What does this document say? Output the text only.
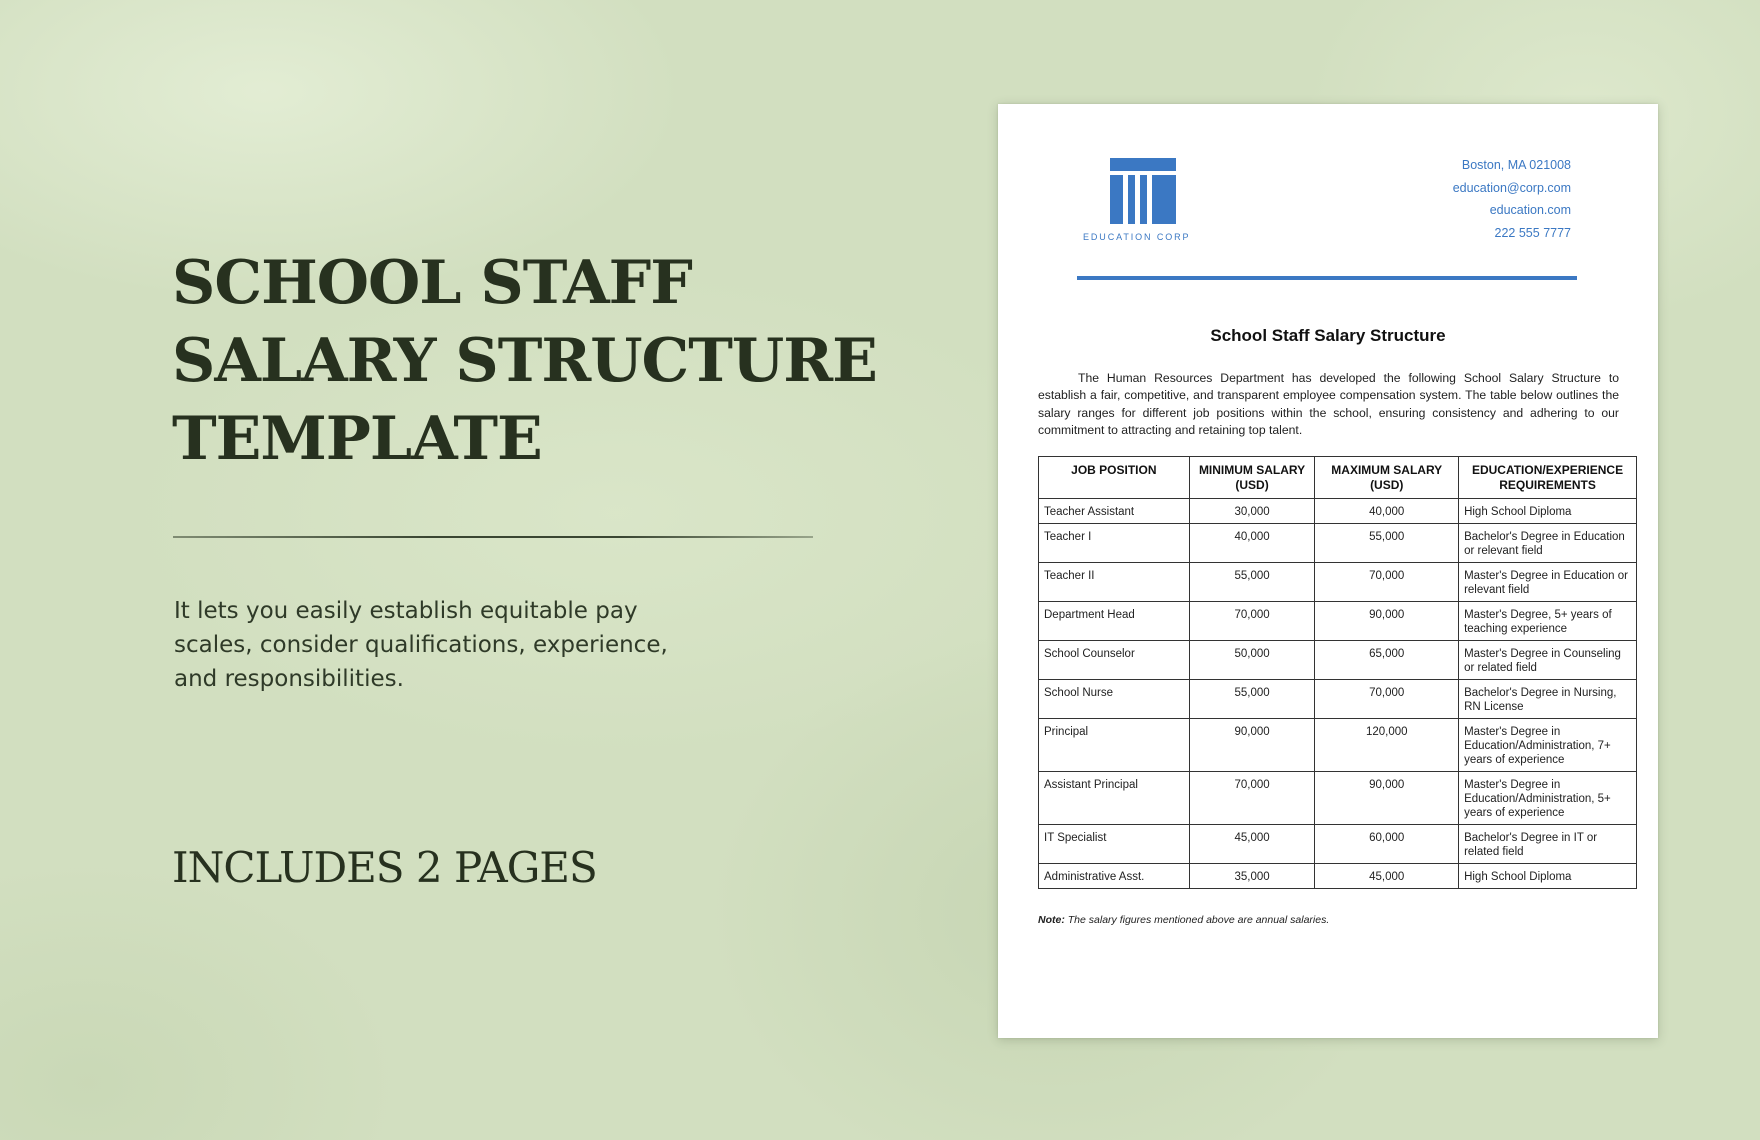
SCHOOL STAFF
SALARY STRUCTURE
TEMPLATE

It lets you easily establish equitable pay scales, consider qualifications, experience, and responsibilities.

INCLUDES 2 PAGES
EDUCATION CORP
Boston, MA 021008
education@corp.com
education.com
222 555 7777
School Staff Salary Structure

The Human Resources Department has developed the following School Salary Structure to establish a fair, competitive, and transparent employee compensation system. The table below outlines the salary ranges for different job positions within the school, ensuring consistency and adhering to our commitment to attracting and retaining top talent.

JOB POSITION	MINIMUM SALARY (USD)	MAXIMUM SALARY (USD)	EDUCATION/EXPERIENCE REQUIREMENTS
Teacher Assistant	30,000	40,000	High School Diploma
Teacher I	40,000	55,000	Bachelor's Degree in Education or relevant field
Teacher II	55,000	70,000	Master's Degree in Education or relevant field
Department Head	70,000	90,000	Master's Degree, 5+ years of teaching experience
School Counselor	50,000	65,000	Master's Degree in Counseling or related field
School Nurse	55,000	70,000	Bachelor's Degree in Nursing, RN License
Principal	90,000	120,000	Master's Degree in Education/Administration, 7+ years of experience
Assistant Principal	70,000	90,000	Master's Degree in Education/Administration, 5+ years of experience
IT Specialist	45,000	60,000	Bachelor's Degree in IT or related field
Administrative Asst.	35,000	45,000	High School Diploma

Note: The salary figures mentioned above are annual salaries.
